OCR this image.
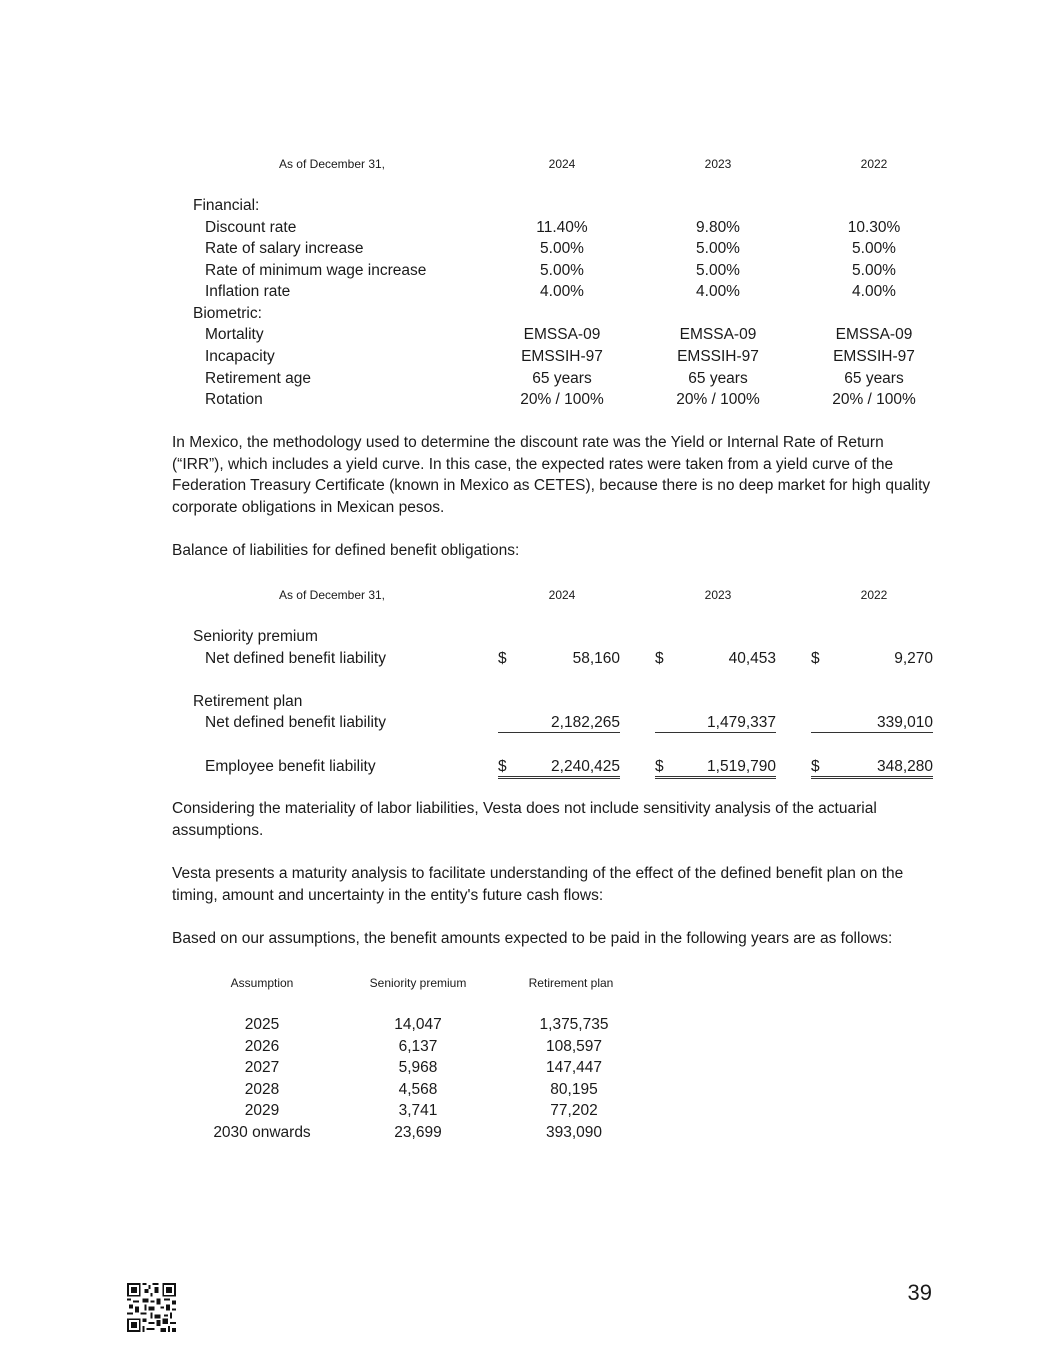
As of December 31,	2024	2023	2022
Financial:
Discount rate	11.40%	9.80%	10.30%
Rate of salary increase	5.00%	5.00%	5.00%
Rate of minimum wage increase	5.00%	5.00%	5.00%
Inflation rate	4.00%	4.00%	4.00%
Biometric:
Mortality	EMSSA-09	EMSSA-09	EMSSA-09
Incapacity	EMSSIH-97	EMSSIH-97	EMSSIH-97
Retirement age	65 years	65 years	65 years
Rotation	20% / 100%	20% / 100%	20% / 100%
In Mexico, the methodology used to determine the discount rate was the Yield or Internal Rate of Return (“IRR”), which includes a yield curve. In this case, the expected rates were taken from a yield curve of the Federation Treasury Certificate (known in Mexico as CETES), because there is no deep market for high quality corporate obligations in Mexican pesos.
Balance of liabilities for defined benefit obligations:
As of December 31,	2024	2023	2022
Seniority premium
Net defined benefit liability	$	58,160 $	40,453 $	9,270
Retirement plan
Net defined benefit liability	2,182,265	1,479,337	339,010
Employee benefit liability	$	2,240,425 $	1,519,790 $	348,280
Considering the materiality of labor liabilities, Vesta does not include sensitivity analysis of the actuarial assumptions.
Vesta presents a maturity analysis to facilitate understanding of the effect of the defined benefit plan on the timing, amount and uncertainty in the entity's future cash flows:
Based on our assumptions, the benefit amounts expected to be paid in the following years are as follows:
Assumption	Seniority premium	Retirement plan
2025	14,047	1,375,735
2026	6,137	108,597
2027	5,968	147,447
2028	4,568	80,195
2029	3,741	77,202
2030 onwards	23,699	393,090
39
